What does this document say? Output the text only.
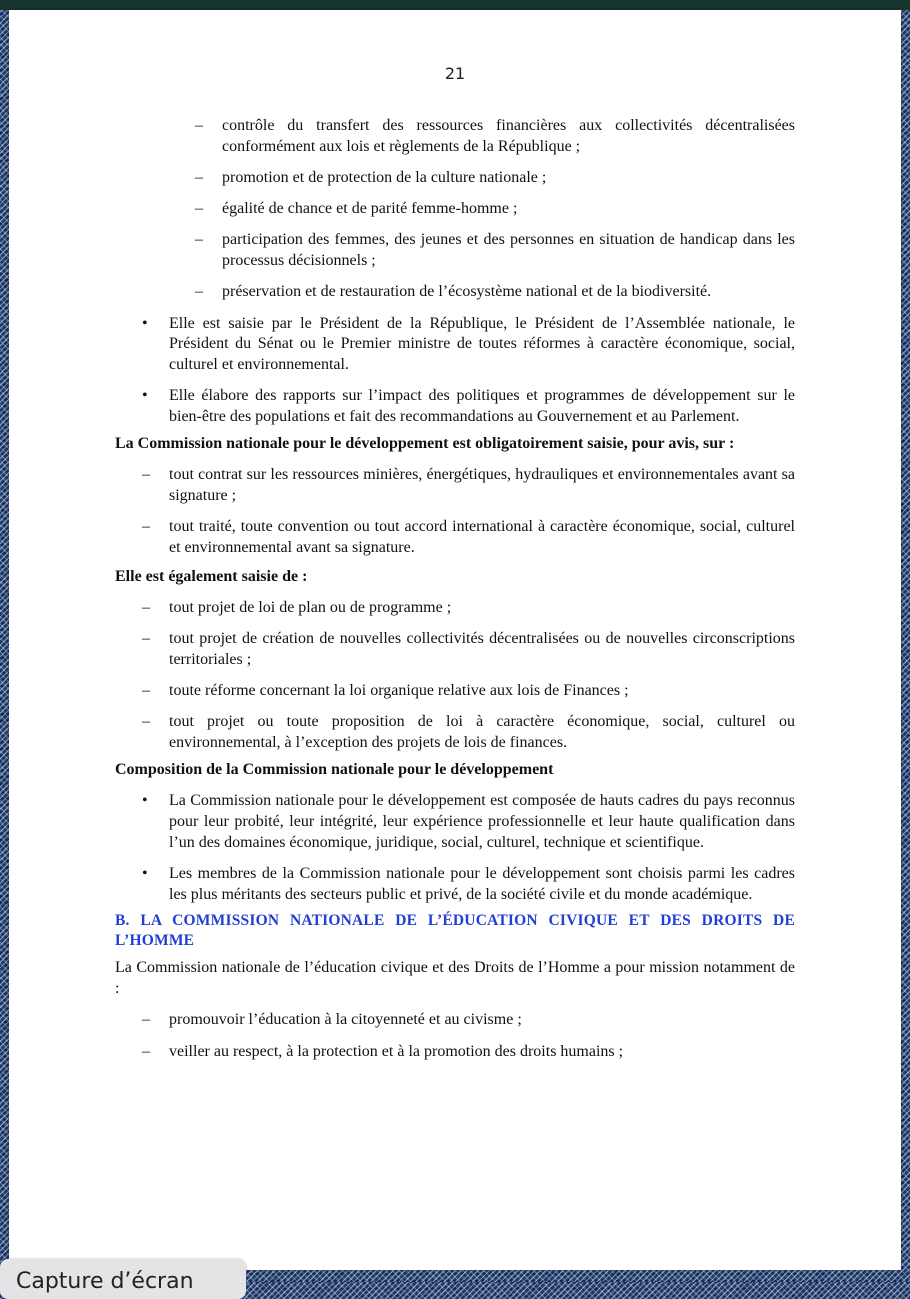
21
– contrôle du transfert des ressources financières aux collectivités décentralisées conformément aux lois et règlements de la République ;
– promotion et de protection de la culture nationale ;
– égalité de chance et de parité femme-homme ;
– participation des femmes, des jeunes et des personnes en situation de handicap dans les processus décisionnels ;
– préservation et de restauration de l’écosystème national et de la biodiversité.
• Elle est saisie par le Président de la République, le Président de l’Assemblée nationale, le Président du Sénat ou le Premier ministre de toutes réformes à caractère économique, social, culturel et environnemental.
• Elle élabore des rapports sur l’impact des politiques et programmes de développement sur le bien-être des populations et fait des recommandations au Gouvernement et au Parlement.

La Commission nationale pour le développement est obligatoirement saisie, pour avis, sur :

– tout contrat sur les ressources minières, énergétiques, hydrauliques et environnementales avant sa signature ;
– tout traité, toute convention ou tout accord international à caractère économique, social, culturel et environnemental avant sa signature.

Elle est également saisie de :

– tout projet de loi de plan ou de programme ;
– tout projet de création de nouvelles collectivités décentralisées ou de nouvelles circonscriptions territoriales ;
– toute réforme concernant la loi organique relative aux lois de Finances ;
– tout projet ou toute proposition de loi à caractère économique, social, culturel ou environnemental, à l’exception des projets de lois de finances.

Composition de la Commission nationale pour le développement

• La Commission nationale pour le développement est composée de hauts cadres du pays reconnus pour leur probité, leur intégrité, leur expérience professionnelle et leur haute qualification dans l’un des domaines économique, juridique, social, culturel, technique et scientifique.
• Les membres de la Commission nationale pour le développement sont choisis parmi les cadres les plus méritants des secteurs public et privé, de la société civile et du monde académique.

B. LA COMMISSION NATIONALE DE L’ÉDUCATION CIVIQUE ET DES DROITS DE L’HOMME

La Commission nationale de l’éducation civique et des Droits de l’Homme a pour mission notamment de :

– promouvoir l’éducation à la citoyenneté et au civisme ;
– veiller au respect, à la protection et à la promotion des droits humains ;
Capture d’écran
